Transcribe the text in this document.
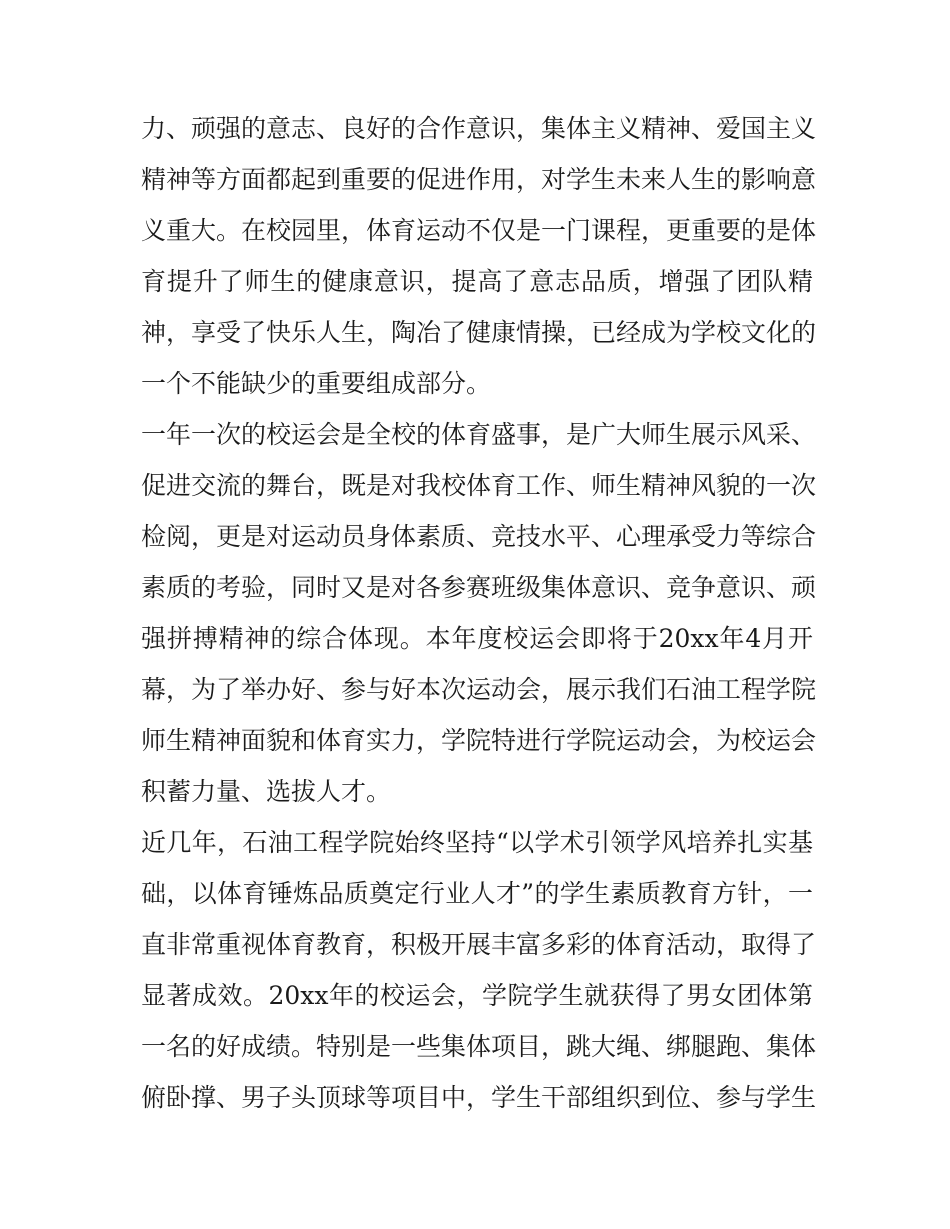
力、顽强的意志、良好的合作意识，集体主义精神、爱国主义
精神等方面都起到重要的促进作用，对学生未来人生的影响意
义重大。在校园里，体育运动不仅是一门课程，更重要的是体
育提升了师生的健康意识，提高了意志品质，增强了团队精
神，享受了快乐人生，陶冶了健康情操，已经成为学校文化的
一个不能缺少的重要组成部分。
一年一次的校运会是全校的体育盛事，是广大师生展示风采、
促进交流的舞台，既是对我校体育工作、师生精神风貌的一次
检阅，更是对运动员身体素质、竞技水平、心理承受力等综合
素质的考验，同时又是对各参赛班级集体意识、竞争意识、顽
强拼搏精神的综合体现。本年度校运会即将于20xx年4月开
幕，为了举办好、参与好本次运动会，展示我们石油工程学院
师生精神面貌和体育实力，学院特进行学院运动会，为校运会
积蓄力量、选拔人才。
近几年，石油工程学院始终坚持“以学术引领学风培养扎实基
础，以体育锤炼品质奠定行业人才”的学生素质教育方针，一
直非常重视体育教育，积极开展丰富多彩的体育活动，取得了
显著成效。20xx年的校运会，学院学生就获得了男女团体第
一名的好成绩。特别是一些集体项目，跳大绳、绑腿跑、集体
俯卧撑、男子头顶球等项目中，学生干部组织到位、参与学生
